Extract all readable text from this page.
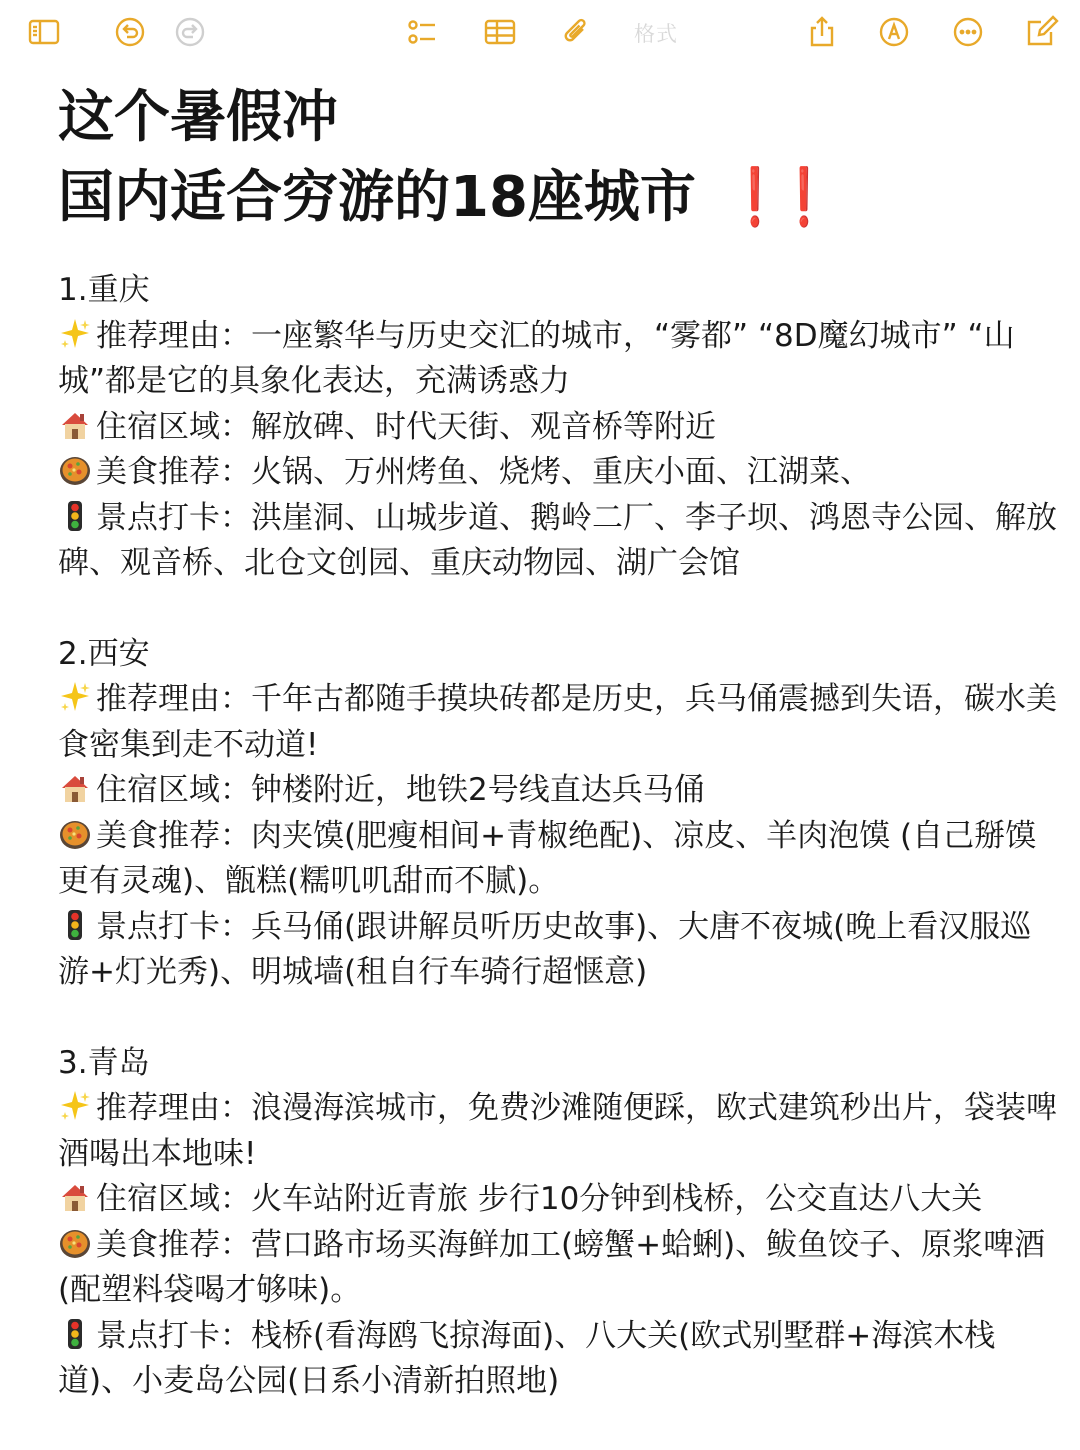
格式
这个暑假冲
国内适合穷游的18座城市 ❗❗
1.重庆
推荐理由：一座繁华与历史交汇的城市，“雾都” “8D魔幻城市” “山城”都是它的具象化表达，充满诱惑力
住宿区域：解放碑、时代天街、观音桥等附近
美食推荐：火锅、万州烤鱼、烧烤、重庆小面、江湖菜、
景点打卡：洪崖洞、山城步道、鹅岭二厂、李子坝、鸿恩寺公园、解放碑、观音桥、北仓文创园、重庆动物园、湖广会馆
2.西安
推荐理由：千年古都随手摸块砖都是历史，兵马俑震撼到失语，碳水美食密集到走不动道!
住宿区域：钟楼附近，地铁2号线直达兵马俑
美食推荐：肉夹馍(肥瘦相间+青椒绝配)、凉皮、羊肉泡馍 (自己掰馍更有灵魂)、甑糕(糯叽叽甜而不腻)。
景点打卡：兵马俑(跟讲解员听历史故事)、大唐不夜城(晚上看汉服巡游+灯光秀)、明城墙(租自行车骑行超惬意)
3.青岛
推荐理由：浪漫海滨城市，免费沙滩随便踩，欧式建筑秒出片，袋装啤酒喝出本地味!
住宿区域：火车站附近青旅 步行10分钟到栈桥，公交直达八大关
美食推荐：营口路市场买海鲜加工(螃蟹+蛤蜊)、鲅鱼饺子、原浆啤酒(配塑料袋喝才够味)。
景点打卡：栈桥(看海鸥飞掠海面)、八大关(欧式别墅群+海滨木栈道)、小麦岛公园(日系小清新拍照地)
